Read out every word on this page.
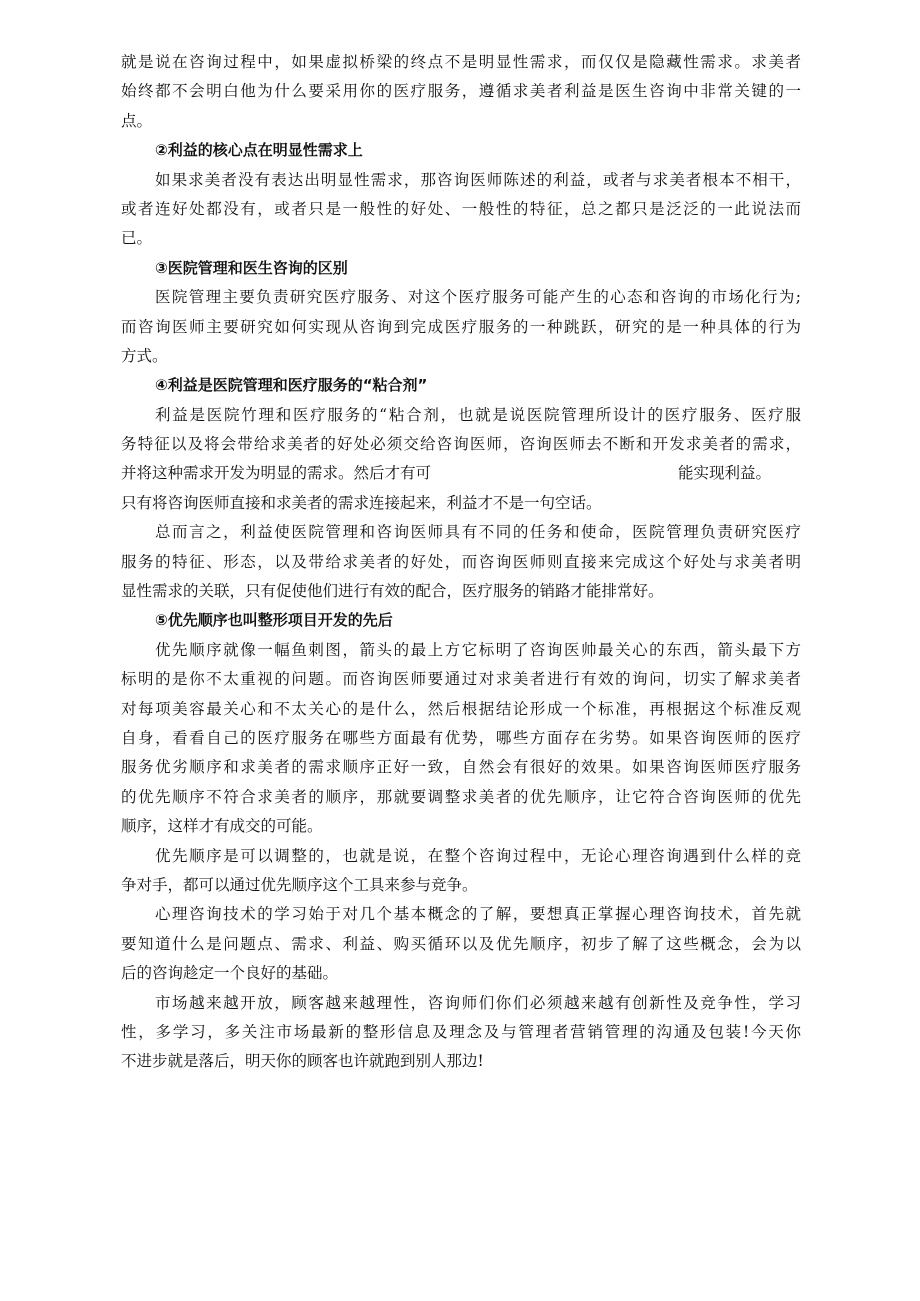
就是说在咨询过程中，如果虚拟桥梁的终点不是明显性需求，而仅仅是隐藏性需求。求美者
始终都不会明白他为什么要采用你的医疗服务，遵循求美者利益是医生咨询中非常关键的一
点。
②利益的核心点在明显性需求上
如果求美者没有表达出明显性需求，那咨询医师陈述的利益，或者与求美者根本不相干，
或者连好处都没有，或者只是一般性的好处、一般性的特征，总之都只是泛泛的一此说法而
已。
③医院管理和医生咨询的区别
医院管理主要负责研究医疗服务、对这个医疗服务可能产生的心态和咨询的市场化行为;
而咨询医师主要研究如何实现从咨询到完成医疗服务的一种跳跃，研究的是一种具体的行为
方式。
④利益是医院管理和医疗服务的“粘合剂”
利益是医院竹理和医疗服务的“粘合剂，也就是说医院管理所设计的医疗服务、医疗服
务特征以及将会带给求美者的好处必须交给咨询医师，咨询医师去不断和开发求美者的需求，
并将这种需求开发为明显的需求。然后才有可	能实现利益。
只有将咨询医师直接和求美者的需求连接起来，利益才不是一句空话。
总而言之，利益使医院管理和咨询医师具有不同的任务和使命，医院管理负责研究医疗
服务的特征、形态，以及带给求美者的好处，而咨询医师则直接来完成这个好处与求美者明
显性需求的关联，只有促使他们进行有效的配合，医疗服务的销路才能排常好。
⑤优先顺序也叫整形项目开发的先后
优先顺序就像一幅鱼刺图，箭头的最上方它标明了咨询医帅最关心的东西，箭头最下方
标明的是你不太重视的问题。而咨询医师要通过对求美者进行有效的询问，切实了解求美者
对每项美容最关心和不太关心的是什么，然后根据结论形成一个标准，再根据这个标准反观
自身，看看自己的医疗服务在哪些方面最有优势，哪些方面存在劣势。如果咨询医师的医疗
服务优劣顺序和求美者的需求顺序正好一致，自然会有很好的效果。如果咨询医师医疗服务
的优先顺序不符合求美者的顺序，那就要调整求美者的优先顺序，让它符合咨询医师的优先
顺序，这样才有成交的可能。
优先顺序是可以调整的，也就是说，在整个咨询过程中，无论心理咨询遇到什么样的竞
争对手，都可以通过优先顺序这个工具来参与竞争。
心理咨询技术的学习始于对几个基本概念的了解，要想真正掌握心理咨询技术，首先就
要知道什么是问题点、需求、利益、购买循环以及优先顺序，初步了解了这些概念，会为以
后的咨询趁定一个良好的基础。
市场越来越开放，顾客越来越理性，咨询师们你们必须越来越有创新性及竞争性，学习
性，多学习，多关注市场最新的整形信息及理念及与管理者营销管理的沟通及包装!今天你
不进步就是落后，明天你的顾客也许就跑到别人那边!
